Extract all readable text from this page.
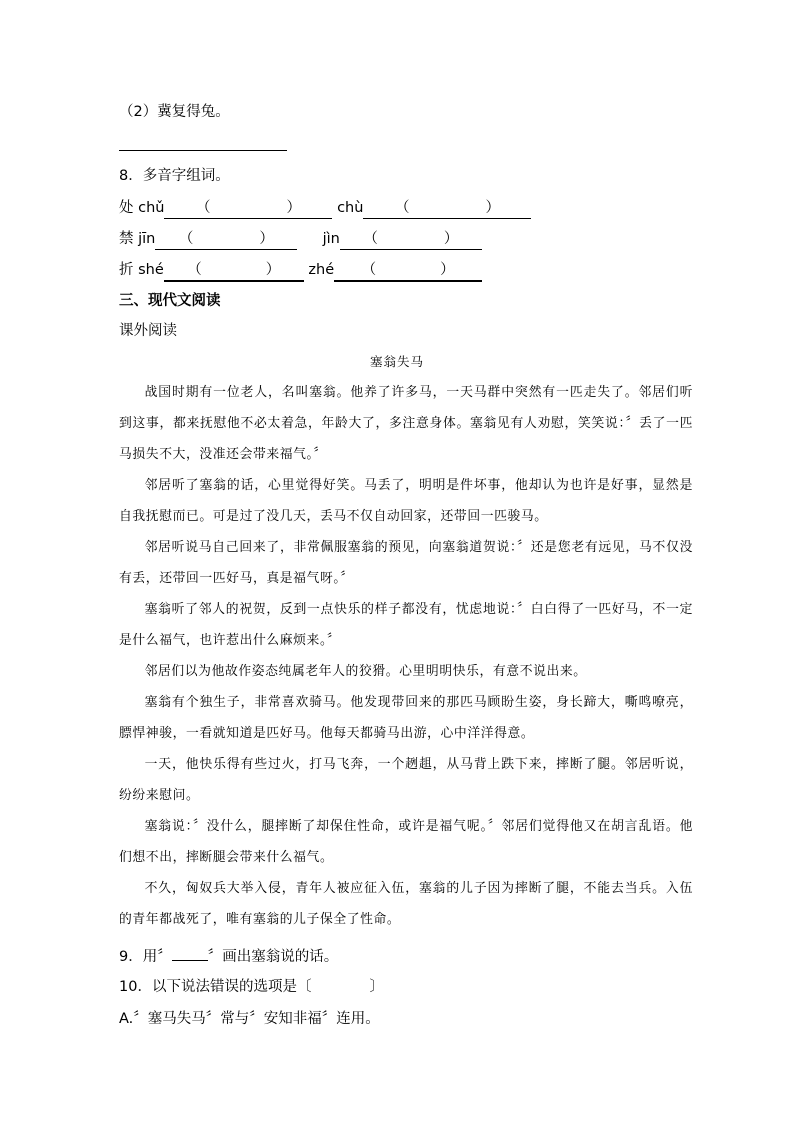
（2）冀复得兔。
8．多音字组词。
处 chǔ （	） chù （	）
禁 jīn （	）	jìn （	）
折 shé （	） zhé （	）
三、现代文阅读
课外阅读
塞翁失马
战国时期有一位老人，名叫塞翁。他养了许多马，一天马群中突然有一匹走失了。邻居们听到这事，都来抚慰他不必太着急，年龄大了，多注意身体。塞翁见有人劝慰，笑笑说：〞丢了一匹马损失不大，没准还会带来福气。〞
邻居听了塞翁的话，心里觉得好笑。马丢了，明明是件坏事，他却认为也许是好事，显然是自我抚慰而已。可是过了没几天，丢马不仅自动回家，还带回一匹骏马。
邻居听说马自己回来了，非常佩服塞翁的预见，向塞翁道贺说：〞还是您老有远见，马不仅没有丢，还带回一匹好马，真是福气呀。〞
塞翁听了邻人的祝贺，反到一点快乐的样子都没有，忧虑地说：〞白白得了一匹好马，不一定是什么福气，也许惹出什么麻烦来。〞
邻居们以为他故作姿态纯属老年人的狡猾。心里明明快乐，有意不说出来。
塞翁有个独生子，非常喜欢骑马。他发现带回来的那匹马顾盼生姿，身长蹄大，嘶鸣嘹亮，膘悍神骏，一看就知道是匹好马。他每天都骑马出游，心中洋洋得意。
一天，他快乐得有些过火，打马飞奔，一个趔趄，从马背上跌下来，摔断了腿。邻居听说，纷纷来慰问。
塞翁说：〞没什么，腿摔断了却保住性命，或许是福气呢。〞邻居们觉得他又在胡言乱语。他们想不出，摔断腿会带来什么福气。
不久，匈奴兵大举入侵，青年人被应征入伍，塞翁的儿子因为摔断了腿，不能去当兵。入伍的青年都战死了，唯有塞翁的儿子保全了性命。
9．用〞 〞画出塞翁说的话。
10．以下说法错误的选项是〔　　　　〕
A.〞塞马失马〞常与〞安知非福〞连用。
